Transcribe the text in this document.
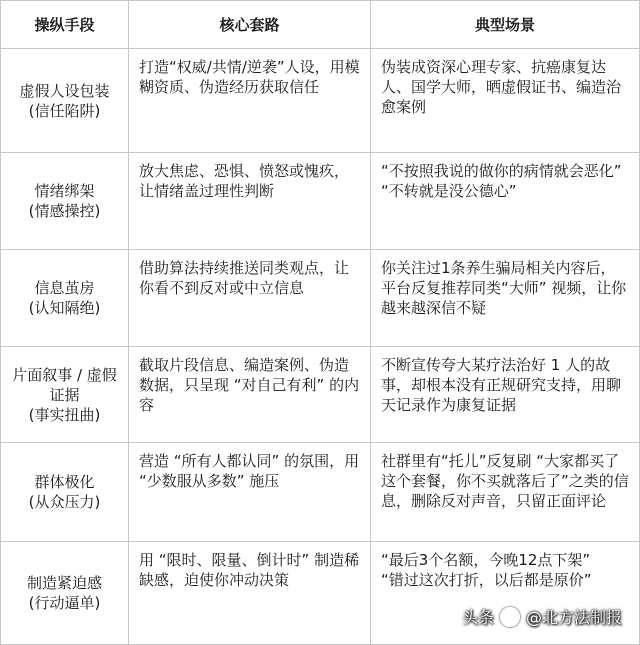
操纵手段	核心套路	典型场景

虚假人设包装
(信任陷阱)	打造“权威/共情/逆袭”人设，用模糊资质、伪造经历获取信任	伪装成资深心理专家、抗癌康复达人、国学大师，晒虚假证书、编造治愈案例

情绪绑架
(情感操控)	放大焦虑、恐惧、愤怒或愧疚，让情绪盖过理性判断	“不按照我说的做你的病情就会恶化”
“不转就是没公德心”

信息茧房
(认知隔绝)	借助算法持续推送同类观点，让你看不到反对或中立信息	你关注过1条养生骗局相关内容后，平台反复推荐同类“大师” 视频，让你越来越深信不疑

片面叙事 / 虚假证据
(事实扭曲)	截取片段信息、编造案例、伪造数据，只呈现 “对自己有利” 的内容	不断宣传夸大某疗法治好 1 人的故事，却根本没有正规研究支持，用聊天记录作为康复证据

群体极化
(从众压力)	营造 “所有人都认同” 的氛围，用 “少数服从多数” 施压	社群里有“托儿”反复刷 “大家都买了这个套餐，你不买就落后了”之类的信息，删除反对声音，只留正面评论

制造紧迫感
(行动逼单)	用 “限时、限量、倒计时” 制造稀缺感，迫使你冲动决策	“最后3个名额，今晚12点下架”
“错过这次打折，以后都是原价”
头条 @北方法制报
